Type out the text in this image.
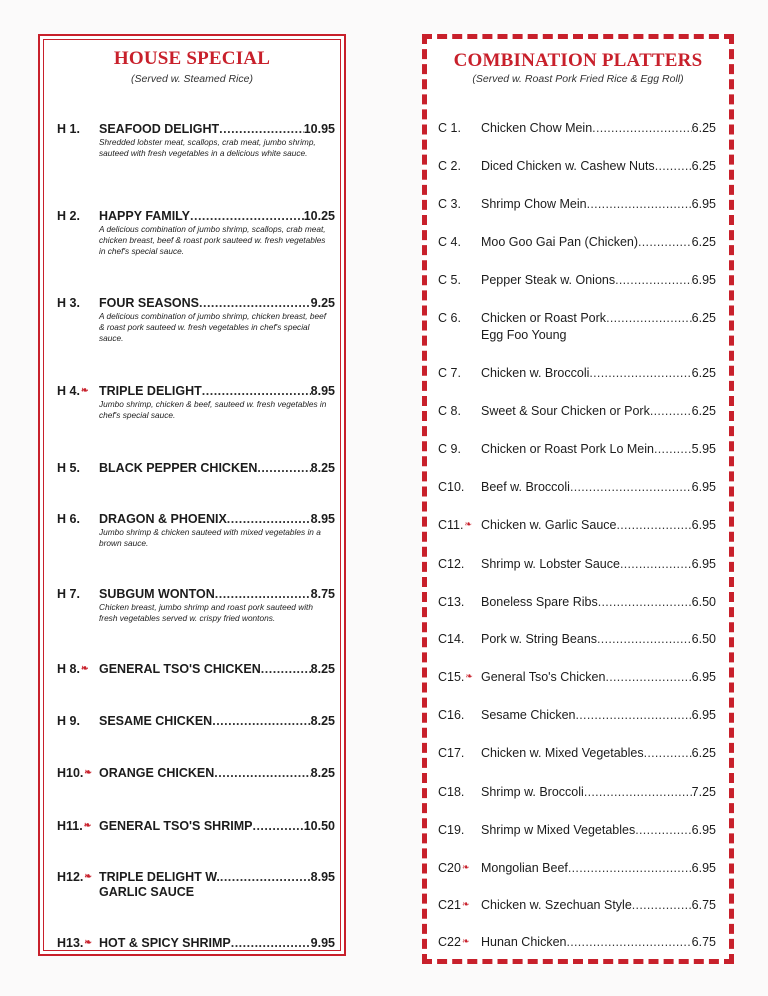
HOUSE SPECIAL
(Served w. Steamed Rice)
COMBINATION PLATTERS
(Served w. Roast Pork Fried Rice & Egg Roll)
H 1.	SEAFOOD DELIGHT .....	10.95
Shredded lobster meat, scallops, crab meat, jumbo shrimp, sauteed with fresh vegetables in a delicious white sauce.
H 2.	HAPPY FAMILY .....	10.25
A delicious combination of jumbo shrimp, scallops, crab meat, chicken breast, beef & roast pork sauteed w. fresh vegetables in chef's special sauce.
H 3.	FOUR SEASONS .....	9.25
A delicious combination of jumbo shrimp, chicken breast, beef & roast pork sauteed w. fresh vegetables in chef's special sauce.
H 4.❧ TRIPLE DELIGHT .....	8.95
Jumbo shrimp, chicken & beef, sauteed w. fresh vegetables in chef's special sauce.
H 5.	BLACK PEPPER CHICKEN .....	8.25
H 6.	DRAGON & PHOENIX .....	8.95
Jumbo shrimp & chicken sauteed with mixed vegetables in a brown sauce.
H 7.	SUBGUM WONTON .....	8.75
Chicken breast, jumbo shrimp and roast pork sauteed with fresh vegetables served w. crispy fried wontons.
H 8.❧ GENERAL TSO'S CHICKEN .....	8.25
H 9.	SESAME CHICKEN .....	8.25
H10.❧ ORANGE CHICKEN .....	8.25
H11.❧ GENERAL TSO'S SHRIMP .....	10.50
H12.❧ TRIPLE DELIGHT W. .....	8.95
GARLIC SAUCE
H13.❧ HOT & SPICY SHRIMP .....	9.95
C 1.	Chicken Chow Mein .....	6.25
C 2.	Diced Chicken w. Cashew Nuts .....	6.25
C 3.	Shrimp Chow Mein .....	6.95
C 4.	Moo Goo Gai Pan (Chicken) .....	6.25
C 5.	Pepper Steak w. Onions .....	6.95
C 6.	Chicken or Roast Pork .....	6.25
Egg Foo Young
C 7.	Chicken w. Broccoli .....	6.25
C 8.	Sweet & Sour Chicken or Pork .....	6.25
C 9.	Chicken or Roast Pork Lo Mein .....	5.95
C10.	Beef w. Broccoli .....	6.95
C11.❧ Chicken w. Garlic Sauce .....	6.95
C12.	Shrimp w. Lobster Sauce .....	6.95
C13.	Boneless Spare Ribs .....	6.50
C14.	Pork w. String Beans .....	6.50
C15.❧ General Tso's Chicken .....	6.95
C16.	Sesame Chicken .....	6.95
C17.	Chicken w. Mixed Vegetables .....	6.25
C18.	Shrimp w. Broccoli .....	7.25
C19.	Shrimp w Mixed Vegetables .....	6.95
C20❧ Mongolian Beef .....	6.95
C21❧ Chicken w. Szechuan Style .....	6.75
C22❧ Hunan Chicken .....	6.75
